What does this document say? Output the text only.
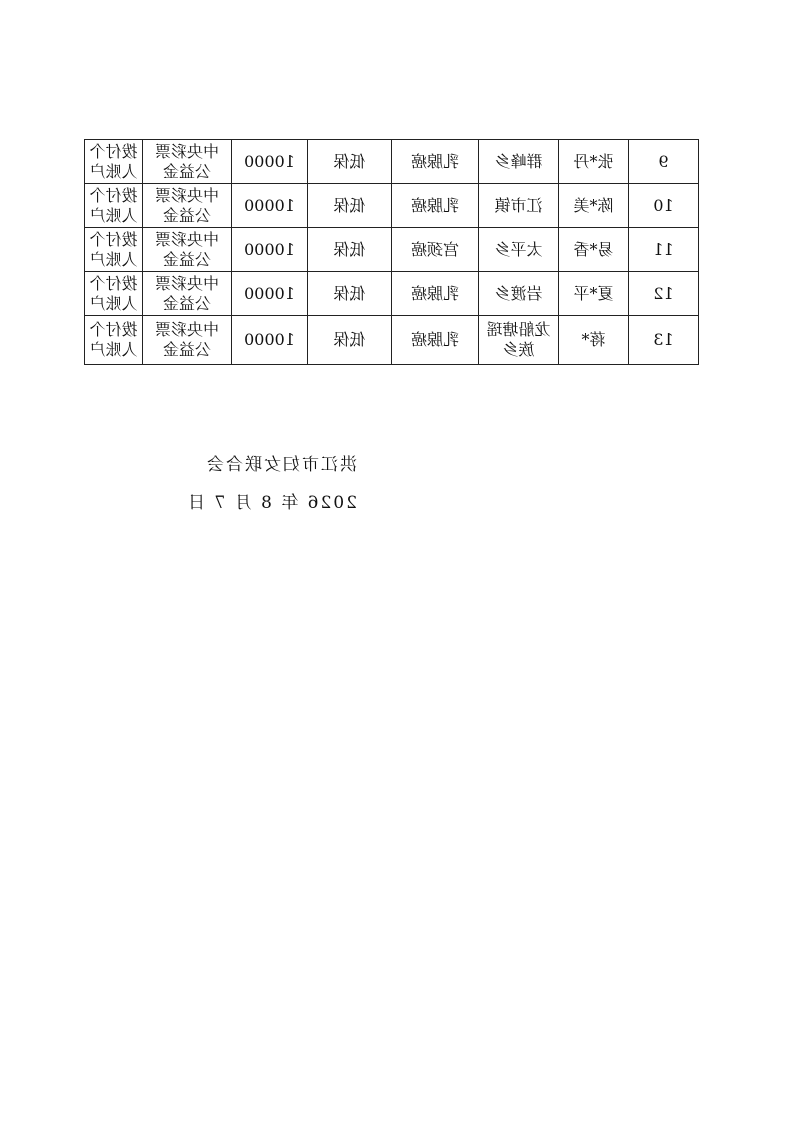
9	张*丹	群峰乡	乳腺癌	低保	10000	中央彩票公益金	拨付个人账户
10	陈*美	江市镇	乳腺癌	低保	10000	中央彩票公益金	拨付个人账户
11	易*香	太平乡	宫颈癌	低保	10000	中央彩票公益金	拨付个人账户
12	夏*平	岩渡乡	乳腺癌	低保	10000	中央彩票公益金	拨付个人账户
13	蒋*	龙船塘瑶族乡	乳腺癌	低保	10000	中央彩票公益金	拨付个人账户
洪江市妇女联合会
2026 年 8 月 7 日
